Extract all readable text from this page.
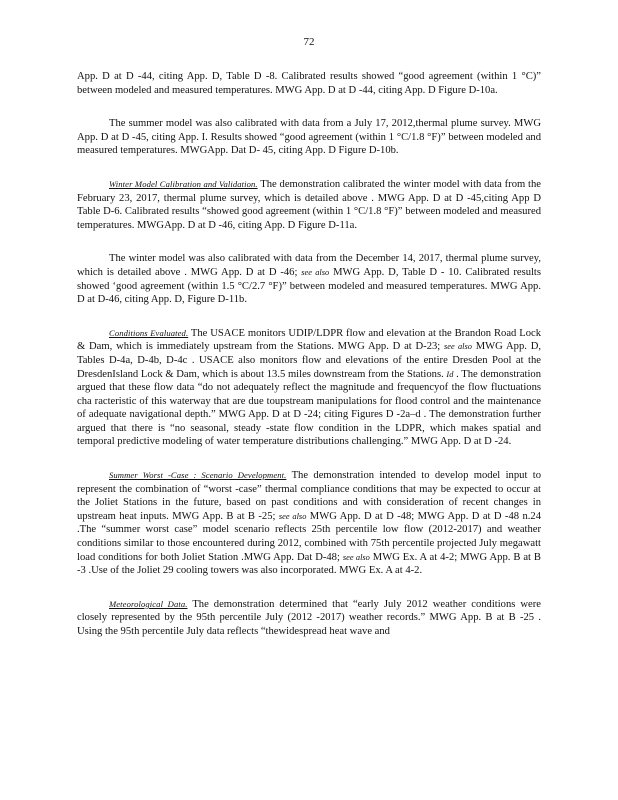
72

App. D at D -44, citing App. D, Table D -8. Calibrated results showed “good agreement (within 1 °C)” between modeled and measured temperatures. MWG App. D at D -44, citing App. D Figure D-10a.

The summer model was also calibrated with data from a July 17, 2012,thermal plume survey. MWG App. D at D -45, citing App. I. Results showed “good agreement (within 1 °C/1.8 °F)” between modeled and measured temperatures. MWGApp. Dat D- 45, citing App. D Figure D-10b.

Winter Model Calibration and Validation. The demonstration calibrated the winter model with data from the February 23, 2017, thermal plume survey, which is detailed above . MWG App. D at D -45,citing App D Table D-6. Calibrated results “showed good agreement (within 1 °C/1.8 °F)” between modeled and measured temperatures. MWGApp. D at D -46, citing App. D Figure D-11a.

The winter model was also calibrated with data from the December 14, 2017, thermal plume survey, which is detailed above . MWG App. D at D -46; see also MWG App. D, Table D - 10. Calibrated results showed ‘good agreement (within 1.5 °C/2.7 °F)” between modeled and measured temperatures. MWG App. D at D-46, citing App. D, Figure D-11b.

Conditions Evaluated. The USACE monitors UDIP/LDPR flow and elevation at the Brandon Road Lock & Dam, which is immediately upstream from the Stations. MWG App. D at D-23; see also MWG App. D, Tables D-4a, D-4b, D-4c . USACE also monitors flow and elevations of the entire Dresden Pool at the DresdenIsland Lock & Dam, which is about 13.5 miles downstream from the Stations. Id . The demonstration argued that these flow data “do not adequately reflect the magnitude and frequencyof the flow fluctuations cha racteristic of this waterway that are due toupstream manipulations for flood control and the maintenance of adequate navigational depth.” MWG App. D at D -24; citing Figures D -2a–d . The demonstration further argued that there is “no seasonal, steady -state flow condition in the LDPR, which makes spatial and temporal predictive modeling of water temperature distributions challenging.” MWG App. D at D -24.

Summer Worst -Case : Scenario Development. The demonstration intended to develop model input to represent the combination of “worst -case” thermal compliance conditions that may be expected to occur at the Joliet Stations in the future, based on past conditions and with consideration of recent changes in upstream heat inputs. MWG App. B at B -25; see also MWG App. D at D -48; MWG App. D at D -48 n.24 .The “summer worst case” model scenario reflects 25th percentile low flow (2012-2017) and weather conditions similar to those encountered during 2012, combined with 75th percentile projected July megawatt load conditions for both Joliet Station .MWG App. Dat D-48; see also MWG Ex. A at 4-2; MWG App. B at B -3 .Use of the Joliet 29 cooling towers was also incorporated. MWG Ex. A at 4-2.

Meteorological Data. The demonstration determined that “early July 2012 weather conditions were closely represented by the 95th percentile July (2012 -2017) weather records.” MWG App. B at B -25 . Using the 95th percentile July data reflects “thewidespread heat wave and
